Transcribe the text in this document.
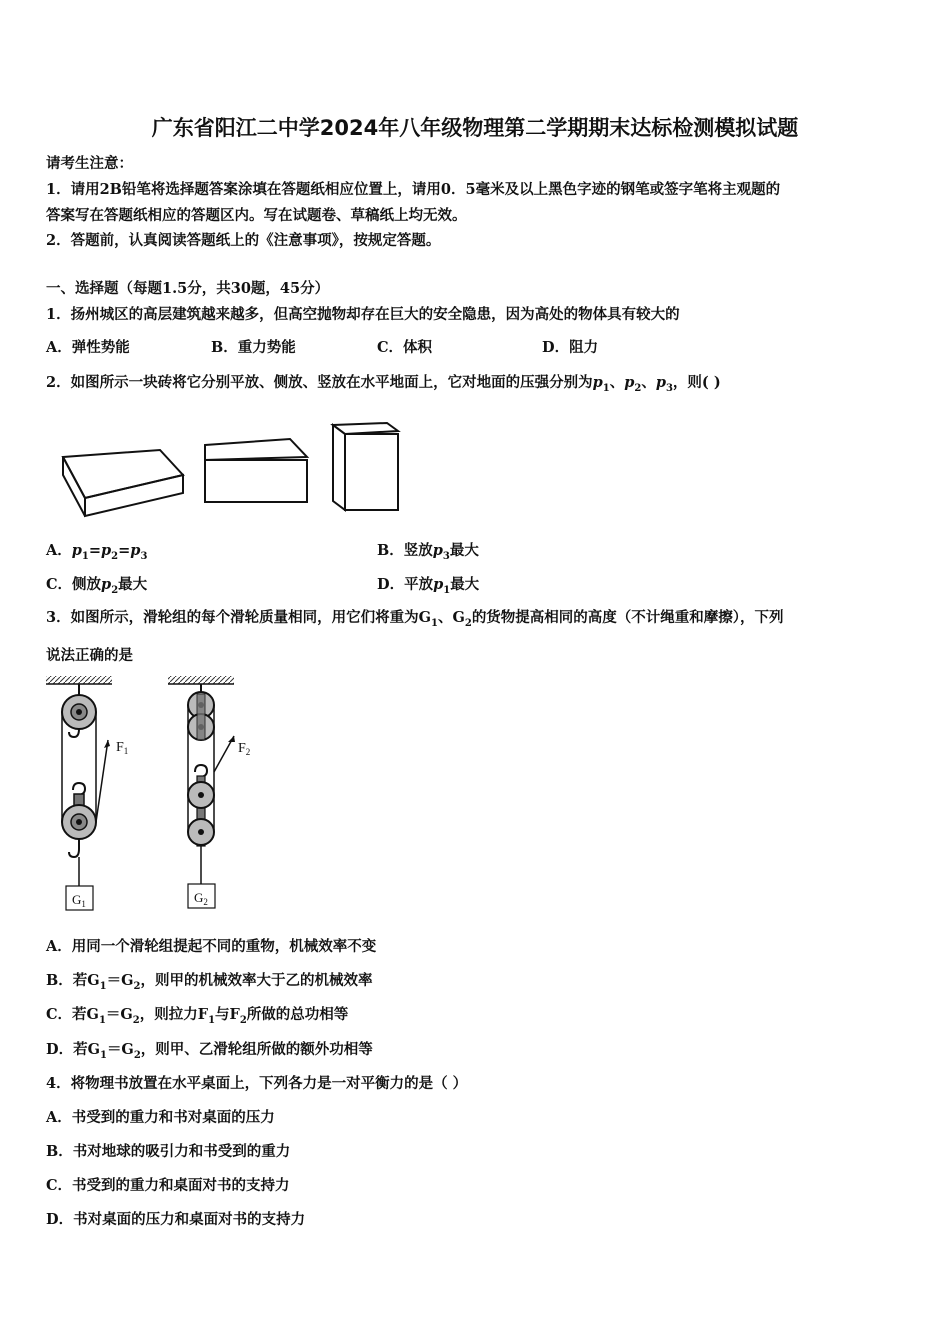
广东省阳江二中学2024年八年级物理第二学期期末达标检测模拟试题
请考生注意：
1．请用2B铅笔将选择题答案涂填在答题纸相应位置上，请用0．5毫米及以上黑色字迹的钢笔或签字笔将主观题的
答案写在答题纸相应的答题区内。写在试题卷、草稿纸上均无效。
2．答题前，认真阅读答题纸上的《注意事项》，按规定答题。
一、选择题（每题1.5分，共30题，45分）
1．扬州城区的高层建筑越来越多，但高空抛物却存在巨大的安全隐患，因为高处的物体具有较大的
A．弹性势能	B．重力势能	C．体积	D．阻力
2．如图所示一块砖将它分别平放、侧放、竖放在水平地面上，它对地面的压强分别为$p_1$、$p_2$、$p_3$，则( )
A．$p_1=p_2=p_3$	B．竖放$p_3$最大
C．侧放$p_2$最大	D．平放$p_1$最大
3．如图所示，滑轮组的每个滑轮质量相同，用它们将重为$G_1$、$G_2$的货物提高相同的高度（不计绳重和摩擦），下列
说法正确的是
$G_1$
$F_1$
$G_2$
$F_2$
A．用同一个滑轮组提起不同的重物，机械效率不变
B．若$G_1=G_2$，则甲的机械效率大于乙的机械效率
C．若$G_1=G_2$，则拉力$F_1$与$F_2$所做的总功相等
D．若$G_1=G_2$，则甲、乙滑轮组所做的额外功相等
4．将物理书放置在水平桌面上，下列各力是一对平衡力的是（ ）
A．书受到的重力和书对桌面的压力
B．书对地球的吸引力和书受到的重力
C．书受到的重力和桌面对书的支持力
D．书对桌面的压力和桌面对书的支持力
